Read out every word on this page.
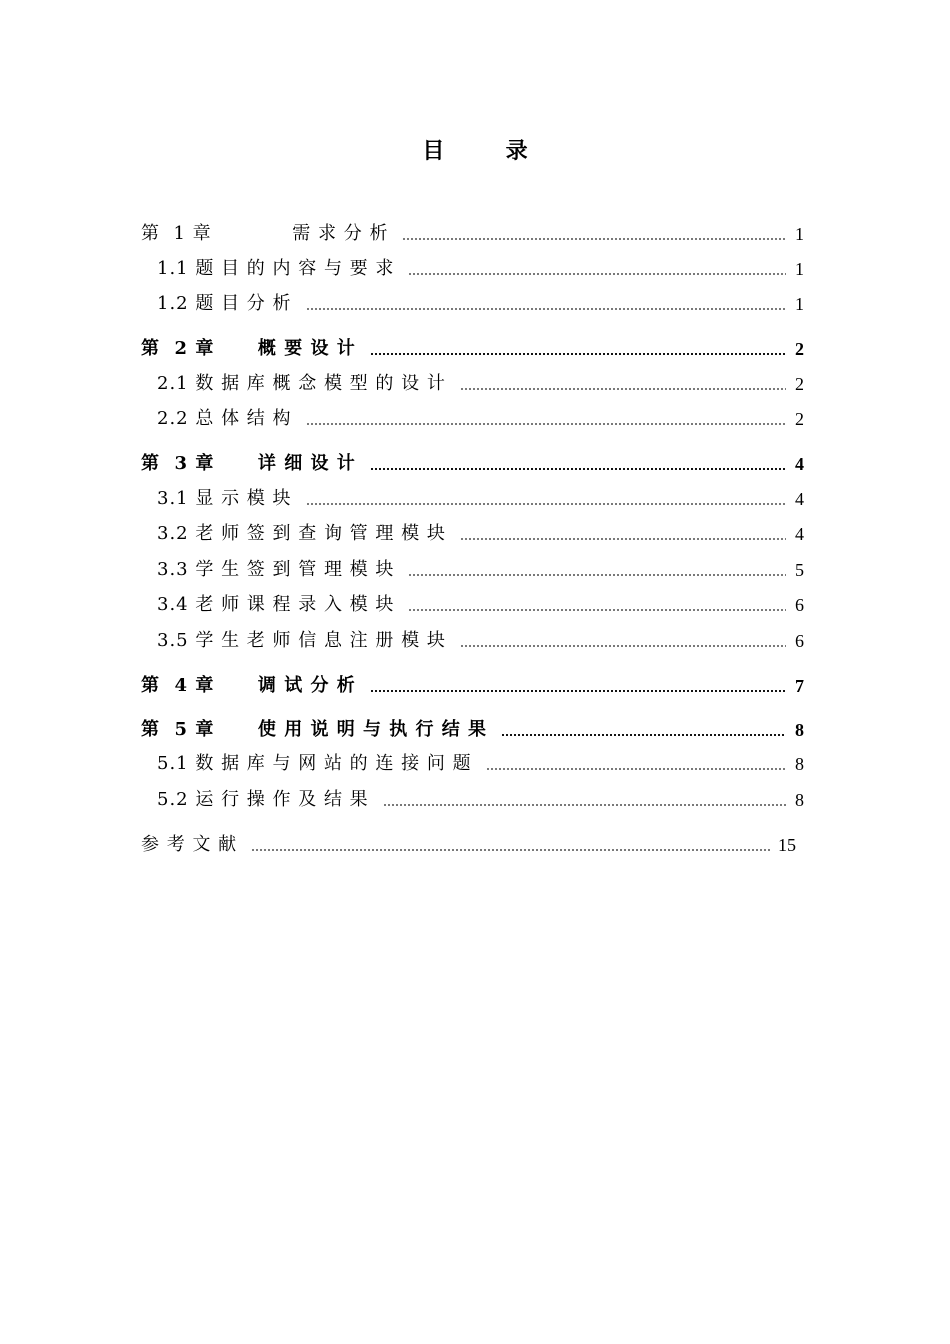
目        录
第  1 章            需 求 分 析	1
1.1 题 目 的 内 容 与 要 求	1
1.2 题 目 分 析	1
第  2 章      概 要 设 计	2
2.1 数 据 库 概 念 模 型 的 设 计	2
2.2 总 体 结 构	2
第  3 章      详 细 设 计	4
3.1 显 示 模 块	4
3.2 老 师 签 到 查 询 管 理 模 块	4
3.3 学 生 签 到 管 理 模 块	5
3.4 老 师 课 程 录 入 模 块	6
3.5 学 生 老 师 信 息 注 册 模 块	6
第  4 章      调 试 分 析	7
第  5 章      使 用 说 明 与 执 行 结 果	8
5.1 数 据 库 与 网 站 的 连 接 问 题	8
5.2 运 行 操 作 及 结 果	8
参 考 文 献	15
